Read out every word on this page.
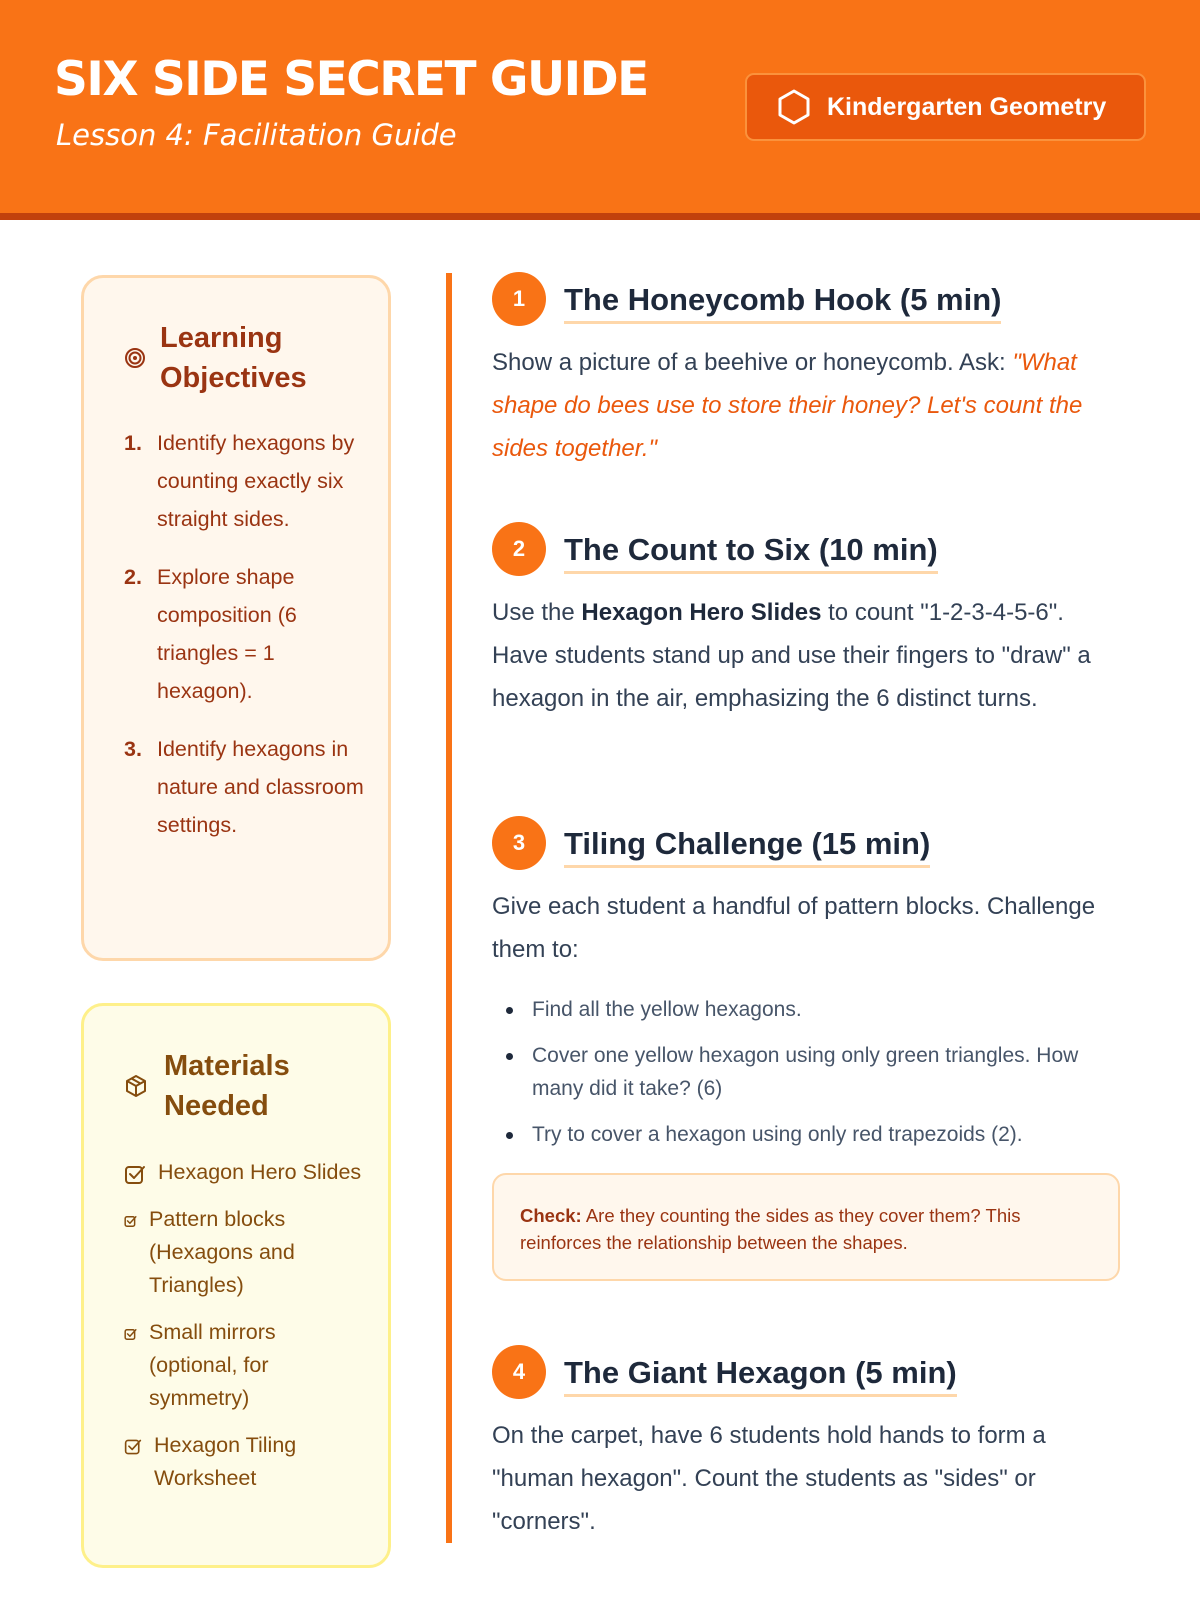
SIX SIDE SECRET GUIDE
Lesson 4: Facilitation Guide
Kindergarten Geometry
Learning Objectives
1. Identify hexagons by counting exactly six straight sides.
2. Explore shape composition (6 triangles = 1 hexagon).
3. Identify hexagons in nature and classroom settings.
Materials Needed
Hexagon Hero Slides
Pattern blocks (Hexagons and Triangles)
Small mirrors (optional, for symmetry)
Hexagon Tiling Worksheet
1	The Honeycomb Hook (5 min)
Show a picture of a beehive or honeycomb. Ask: "What shape do bees use to store their honey? Let's count the sides together."
2	The Count to Six (10 min)
Use the Hexagon Hero Slides to count "1-2-3-4-5-6". Have students stand up and use their fingers to "draw" a hexagon in the air, emphasizing the 6 distinct turns.
3	Tiling Challenge (15 min)
Give each student a handful of pattern blocks. Challenge them to:
Find all the yellow hexagons.
Cover one yellow hexagon using only green triangles. How many did it take? (6)
Try to cover a hexagon using only red trapezoids (2).
Check: Are they counting the sides as they cover them? This reinforces the relationship between the shapes.
4	The Giant Hexagon (5 min)
On the carpet, have 6 students hold hands to form a "human hexagon". Count the students as "sides" or "corners".
